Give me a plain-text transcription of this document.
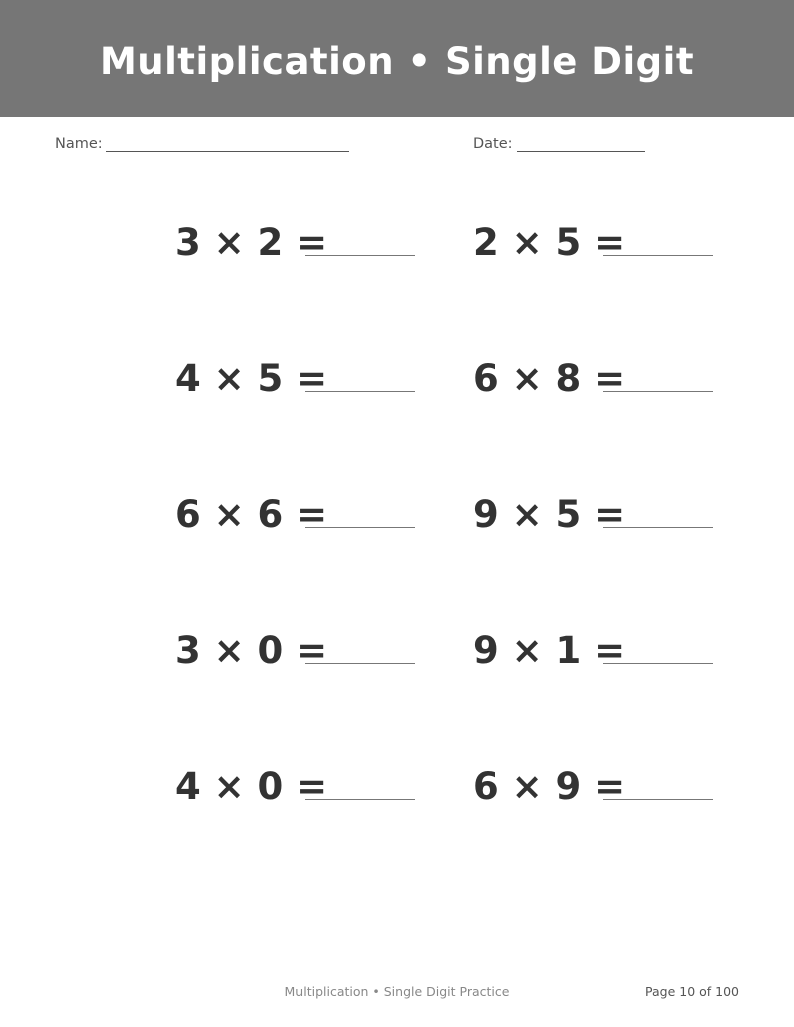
Multiplication • Single Digit
Name:	Date:
3 × 2 =	2 × 5 =
4 × 5 =	6 × 8 =
6 × 6 =	9 × 5 =
3 × 0 =	9 × 1 =
4 × 0 =	6 × 9 =
Multiplication • Single Digit Practice	Page 10 of 100
